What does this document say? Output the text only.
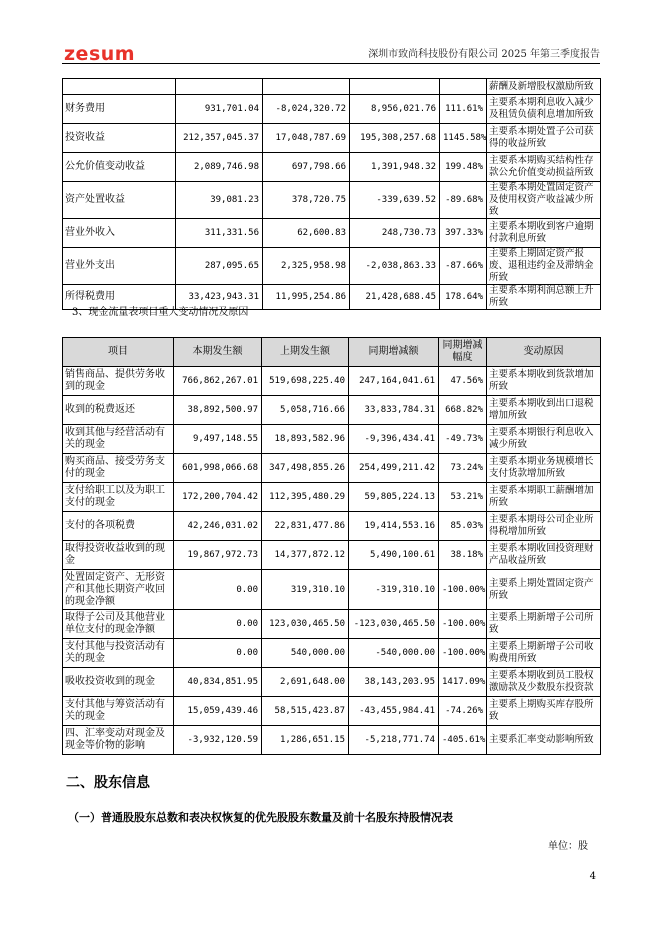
zesum	深圳市致尚科技股份有限公司 2025 年第三季度报告
					薪酬及新增股权激励所致
财务费用	931,701.04	-8,024,320.72	8,956,021.76	111.61%	主要系本期利息收入减少及租赁负债利息增加所致
投资收益	212,357,045.37	17,048,787.69	195,308,257.68	1145.58%	主要系本期处置子公司获得的收益所致
公允价值变动收益	2,089,746.98	697,798.66	1,391,948.32	199.48%	主要系本期购买结构性存款公允价值变动损益所致
资产处置收益	39,081.23	378,720.75	-339,639.52	-89.68%	主要系本期处置固定资产及使用权资产收益减少所致
营业外收入	311,331.56	62,600.83	248,730.73	397.33%	主要系本期收到客户逾期付款利息所致
营业外支出	287,095.65	2,325,958.98	-2,038,863.33	-87.66%	主要系上期固定资产报废、退租违约金及滞纳金所致
所得税费用	33,423,943.31	11,995,254.86	21,428,688.45	178.64%	主要系本期利润总额上升所致
3、现金流量表项目重大变动情况及原因
项目	本期发生额	上期发生额	同期增减额	同期增减幅度	变动原因
销售商品、提供劳务收到的现金	766,862,267.01	519,698,225.40	247,164,041.61	47.56%	主要系本期收到货款增加所致
收到的税费返还	38,892,500.97	5,058,716.66	33,833,784.31	668.82%	主要系本期收到出口退税增加所致
收到其他与经营活动有关的现金	9,497,148.55	18,893,582.96	-9,396,434.41	-49.73%	主要系本期银行利息收入减少所致
购买商品、接受劳务支付的现金	601,998,066.68	347,498,855.26	254,499,211.42	73.24%	主要系本期业务规模增长支付货款增加所致
支付给职工以及为职工支付的现金	172,200,704.42	112,395,480.29	59,805,224.13	53.21%	主要系本期职工薪酬增加所致
支付的各项税费	42,246,031.02	22,831,477.86	19,414,553.16	85.03%	主要系本期母公司企业所得税增加所致
取得投资收益收到的现金	19,867,972.73	14,377,872.12	5,490,100.61	38.18%	主要系本期收回投资理财产品收益所致
处置固定资产、无形资产和其他长期资产收回的现金净额	0.00	319,310.10	-319,310.10	-100.00%	主要系上期处置固定资产所致
取得子公司及其他营业单位支付的现金净额	0.00	123,030,465.50	-123,030,465.50	-100.00%	主要系上期新增子公司所致
支付其他与投资活动有关的现金	0.00	540,000.00	-540,000.00	-100.00%	主要系上期新增子公司收购费用所致
吸收投资收到的现金	40,834,851.95	2,691,648.00	38,143,203.95	1417.09%	主要系本期收到员工股权激励款及少数股东投资款
支付其他与筹资活动有关的现金	15,059,439.46	58,515,423.87	-43,455,984.41	-74.26%	主要系上期购买库存股所致
四、汇率变动对现金及现金等价物的影响	-3,932,120.59	1,286,651.15	-5,218,771.74	-405.61%	主要系汇率变动影响所致
二、股东信息
（一）普通股股东总数和表决权恢复的优先股股东数量及前十名股东持股情况表
单位：股
4
